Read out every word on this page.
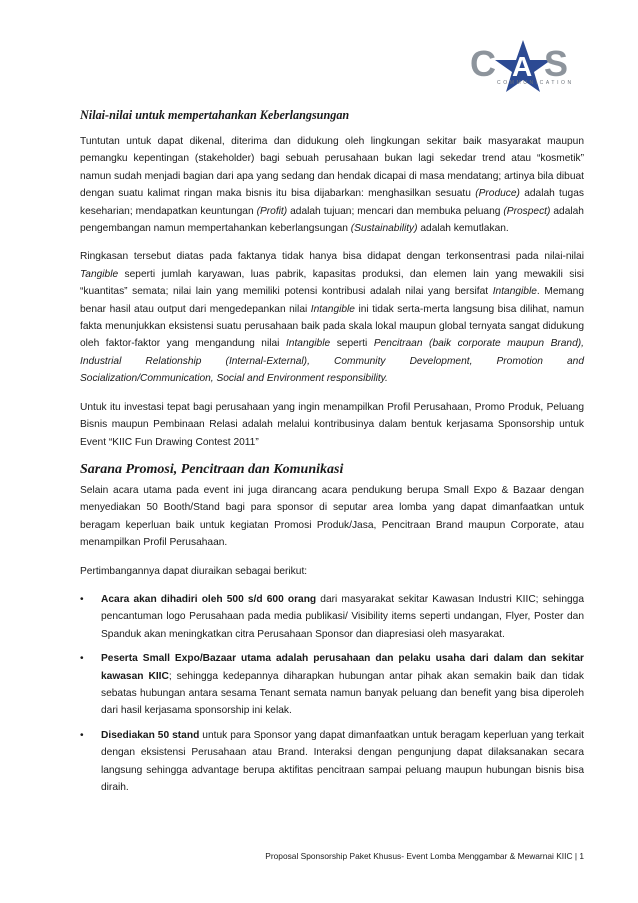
C A S
COMMUNICATION
Nilai-nilai untuk mempertahankan Keberlangsungan

Tuntutan untuk dapat dikenal, diterima dan didukung oleh lingkungan sekitar baik masyarakat maupun pemangku kepentingan (stakeholder) bagi sebuah perusahaan bukan lagi sekedar trend atau “kosmetik” namun sudah menjadi bagian dari apa yang sedang dan hendak dicapai di masa mendatang; artinya bila dibuat dengan suatu kalimat ringan maka bisnis itu bisa dijabarkan: menghasilkan sesuatu (Produce) adalah tugas keseharian; mendapatkan keuntungan (Profit) adalah tujuan; mencari dan membuka peluang (Prospect) adalah pengembangan namun mempertahankan keberlangsungan (Sustainability) adalah kemutlakan.

Ringkasan tersebut diatas pada faktanya tidak hanya bisa didapat dengan terkonsentrasi pada nilai-nilai Tangible seperti jumlah karyawan, luas pabrik, kapasitas produksi, dan elemen lain yang mewakili sisi “kuantitas” semata; nilai lain yang memiliki potensi kontribusi adalah nilai yang bersifat Intangible. Memang benar hasil atau output dari mengedepankan nilai Intangible ini tidak serta-merta langsung bisa dilihat, namun fakta menunjukkan eksistensi suatu perusahaan baik pada skala lokal maupun global ternyata sangat didukung oleh faktor-faktor yang mengandung nilai Intangible seperti Pencitraan (baik corporate maupun Brand), Industrial Relationship (Internal-External), Community Development, Promotion and Socialization/Communication, Social and Environment responsibility.

Untuk itu investasi tepat bagi perusahaan yang ingin menampilkan Profil Perusahaan, Promo Produk, Peluang Bisnis maupun Pembinaan Relasi adalah melalui kontribusinya dalam bentuk kerjasama Sponsorship untuk Event “KIIC Fun Drawing Contest 2011”

Sarana Promosi, Pencitraan dan Komunikasi

Selain acara utama pada event ini juga dirancang acara pendukung berupa Small Expo & Bazaar dengan menyediakan 50 Booth/Stand bagi para sponsor di seputar area lomba yang dapat dimanfaatkan untuk beragam keperluan baik untuk kegiatan Promosi Produk/Jasa, Pencitraan Brand maupun Corporate, atau menampilkan Profil Perusahaan.

Pertimbangannya dapat diuraikan sebagai berikut:

• Acara akan dihadiri oleh 500 s/d 600 orang dari masyarakat sekitar Kawasan Industri KIIC; sehingga pencantuman logo Perusahaan pada media publikasi/ Visibility items seperti undangan, Flyer, Poster dan Spanduk akan meningkatkan citra Perusahaan Sponsor dan diapresiasi oleh masyarakat.
• Peserta Small Expo/Bazaar utama adalah perusahaan dan pelaku usaha dari dalam dan sekitar kawasan KIIC; sehingga kedepannya diharapkan hubungan antar pihak akan semakin baik dan tidak sebatas hubungan antara sesama Tenant semata namun banyak peluang dan benefit yang bisa diperoleh dari hasil kerjasama sponsorship ini kelak.
• Disediakan 50 stand untuk para Sponsor yang dapat dimanfaatkan untuk beragam keperluan yang terkait dengan eksistensi Perusahaan atau Brand. Interaksi dengan pengunjung dapat dilaksanakan secara langsung sehingga advantage berupa aktifitas pencitraan sampai peluang maupun hubungan bisnis bisa diraih.
Proposal Sponsorship Paket Khusus- Event Lomba Menggambar & Mewarnai KIIC | 1
